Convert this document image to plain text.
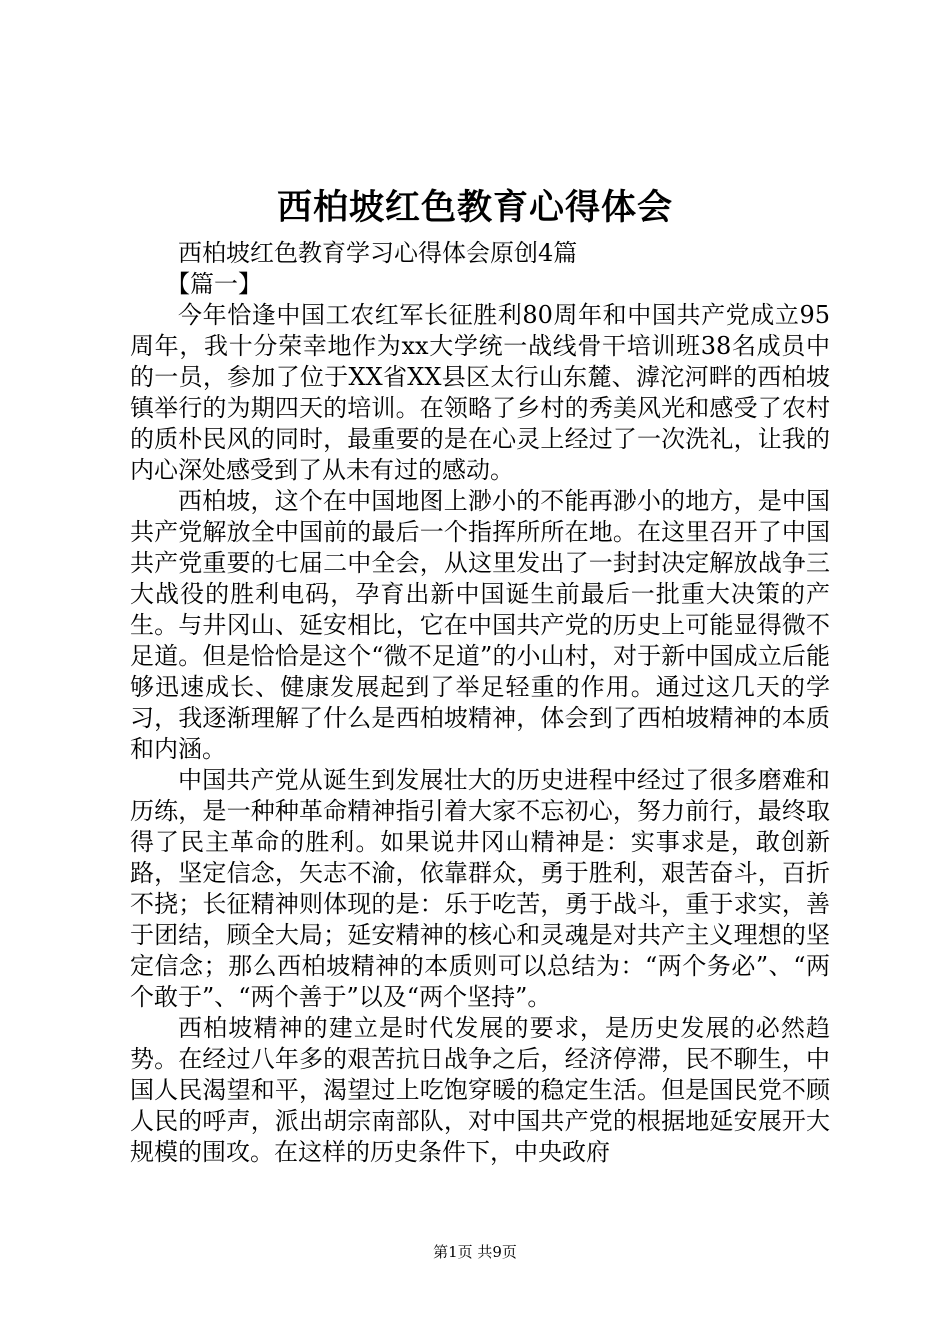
西柏坡红色教育心得体会
西柏坡红色教育学习心得体会原创4篇
【篇一】

今年恰逢中国工农红军长征胜利80周年和中国共产党成立95周年，我十分荣幸地作为xx大学统一战线骨干培训班38名成员中的一员，参加了位于XX省XX县区太行山东麓、滹沱河畔的西柏坡镇举行的为期四天的培训。在领略了乡村的秀美风光和感受了农村的质朴民风的同时，最重要的是在心灵上经过了一次洗礼，让我的内心深处感受到了从未有过的感动。

西柏坡，这个在中国地图上渺小的不能再渺小的地方，是中国共产党解放全中国前的最后一个指挥所所在地。在这里召开了中国共产党重要的七届二中全会，从这里发出了一封封决定解放战争三大战役的胜利电码，孕育出新中国诞生前最后一批重大决策的产生。与井冈山、延安相比，它在中国共产党的历史上可能显得微不足道。但是恰恰是这个“微不足道”的小山村，对于新中国成立后能够迅速成长、健康发展起到了举足轻重的作用。通过这几天的学习，我逐渐理解了什么是西柏坡精神，体会到了西柏坡精神的本质和内涵。

中国共产党从诞生到发展壮大的历史进程中经过了很多磨难和历练，是一种种革命精神指引着大家不忘初心，努力前行，最终取得了民主革命的胜利。如果说井冈山精神是：实事求是，敢创新路，坚定信念，矢志不渝，依靠群众，勇于胜利，艰苦奋斗，百折不挠；长征精神则体现的是：乐于吃苦，勇于战斗，重于求实，善于团结，顾全大局；延安精神的核心和灵魂是对共产主义理想的坚定信念；那么西柏坡精神的本质则可以总结为：“两个务必”、“两个敢于”、“两个善于”以及“两个坚持”。

西柏坡精神的建立是时代发展的要求，是历史发展的必然趋势。在经过八年多的艰苦抗日战争之后，经济停滞，民不聊生，中国人民渴望和平，渴望过上吃饱穿暖的稳定生活。但是国民党不顾人民的呼声，派出胡宗南部队，对中国共产党的根据地延安展开大规模的围攻。在这样的历史条件下，中央政府

第1页 共9页
